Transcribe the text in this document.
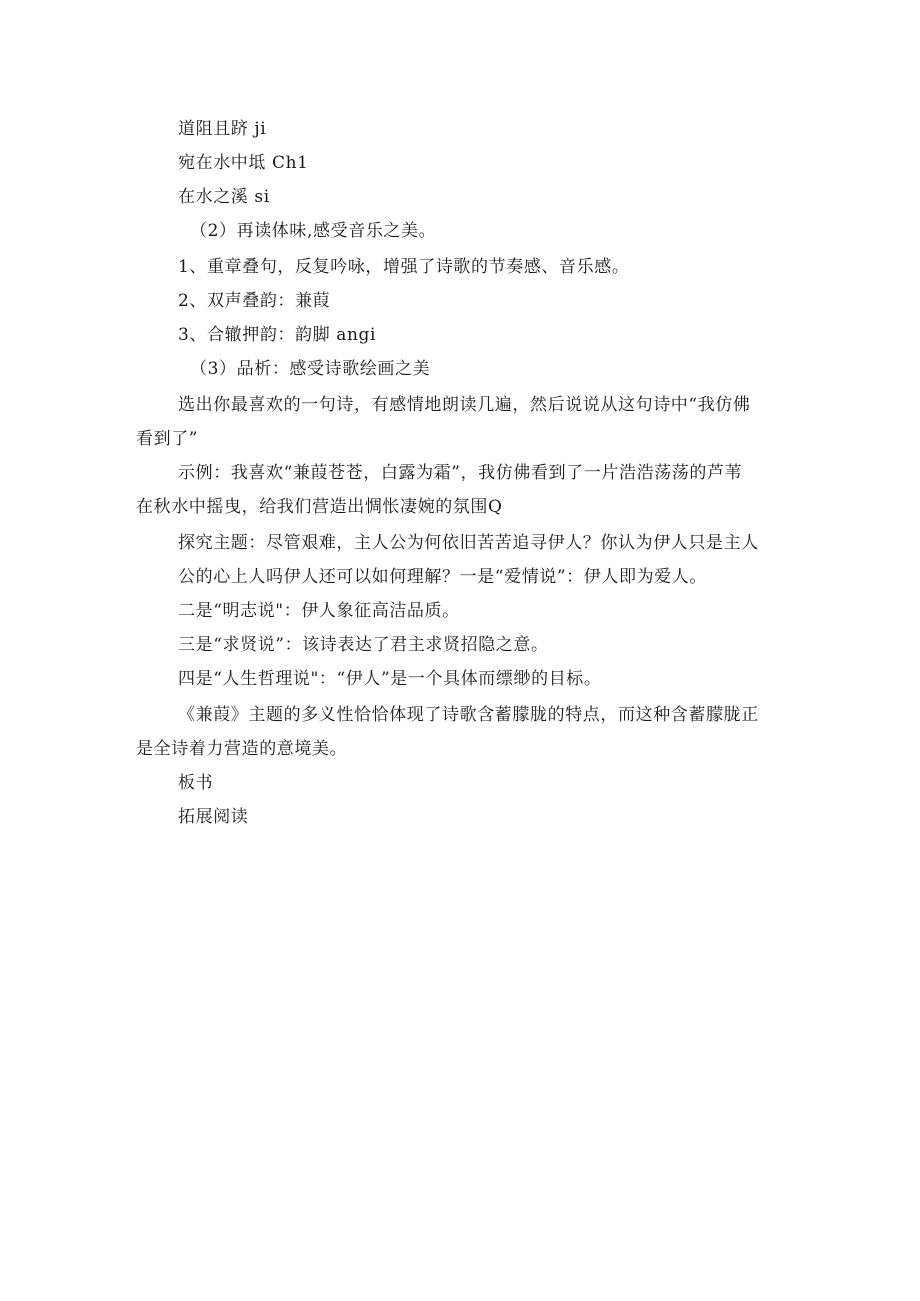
道阻且跻 ji
宛在水中坻 Ch1
在水之溪 si
（2）再读体味,感受音乐之美。
1、重章叠句，反复吟咏，增强了诗歌的节奏感、音乐感。
2、双声叠韵：兼葭
3、合辙押韵：韵脚 angi
（3）品析：感受诗歌绘画之美
选出你最喜欢的一句诗，有感情地朗读几遍，然后说说从这句诗中“我仿佛
看到了”
示例：我喜欢“兼葭苍苍，白露为霜”，我仿佛看到了一片浩浩荡荡的芦苇
在秋水中摇曳，给我们营造出惆怅凄婉的氛围Q
探究主题：尽管艰难，主人公为何依旧苦苦追寻伊人？你认为伊人只是主人
公的心上人吗伊人还可以如何理解？一是“爱情说”：伊人即为爱人。
二是“明志说"：伊人象征高洁品质。
三是“求贤说”：该诗表达了君主求贤招隐之意。
四是“人生哲理说"：“伊人”是一个具体而缥缈的目标。
《兼葭》主题的多义性恰恰体现了诗歌含蓄朦胧的特点，而这种含蓄朦胧正
是全诗着力营造的意境美。
板书
拓展阅读
